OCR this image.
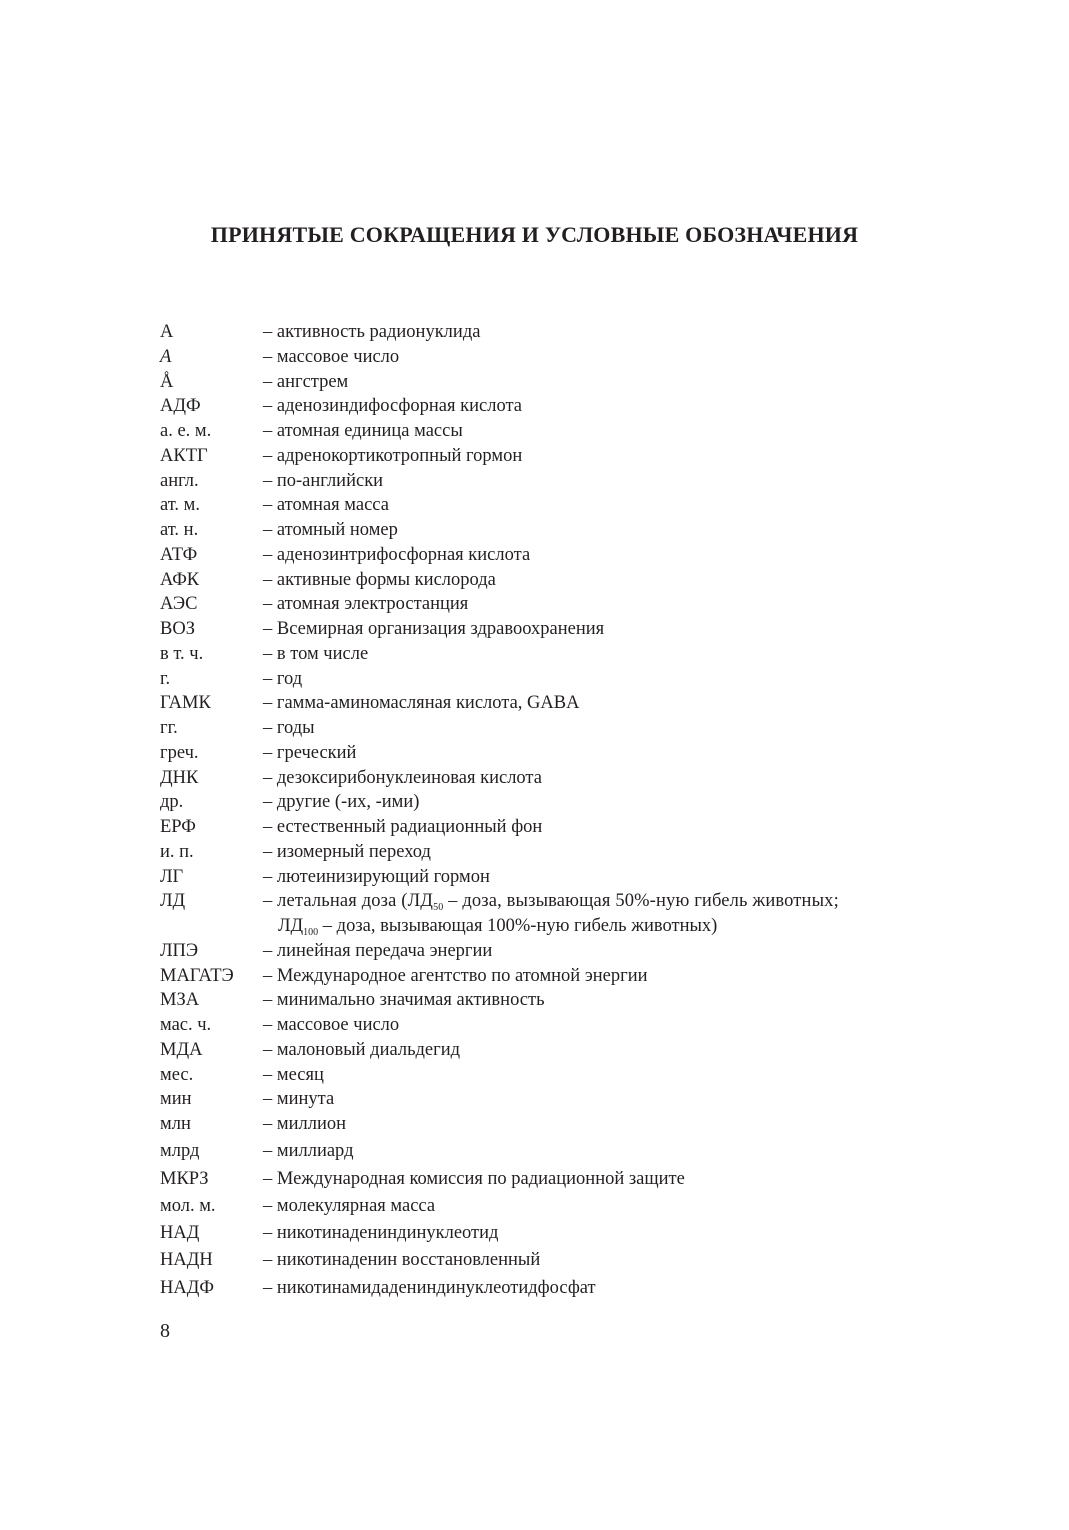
ПРИНЯТЫЕ СОКРАЩЕНИЯ И УСЛОВНЫЕ ОБОЗНАЧЕНИЯ
А	– активность радионуклида
A	– массовое число
Å	– ангстрем
АДФ	– аденозиндифосфорная кислота
а. е. м.	– атомная единица массы
АКТГ	– адренокортикотропный гормон
англ.	– по-английски
ат. м.	– атомная масса
ат. н.	– атомный номер
АТФ	– аденозинтрифосфорная кислота
АФК	– активные формы кислорода
АЭС	– атомная электростанция
ВОЗ	– Всемирная организация здравоохранения
в т. ч.	– в том числе
г.	– год
ГАМК	– гамма-аминомасляная кислота, GABA
гг.	– годы
греч.	– греческий
ДНК	– дезоксирибонуклеиновая кислота
др.	– другие (-их, -ими)
ЕРФ	– естественный радиационный фон
и. п.	– изомерный переход
ЛГ	– лютеинизирующий гормон
ЛД	– летальная доза ($ЛД_{50}$ – доза, вызывающая 50%-ную гибель животных;
$ЛД_{100}$ – доза, вызывающая 100%-ную гибель животных)
ЛПЭ	– линейная передача энергии
МАГАТЭ – Международное агентство по атомной энергии
МЗА	– минимально значимая активность
мас. ч.	– массовое число
МДА	– малоновый диальдегид
мес.	– месяц
мин	– минута
млн	– миллион
млрд	– миллиард
МКРЗ	– Международная комиссия по радиационной защите
мол. м.	– молекулярная масса
НАД	– никотинадениндинуклеотид
НАДН	– никотинаденин восстановленный
НАДФ	– никотинамидадениндинуклеотидфосфат
8
